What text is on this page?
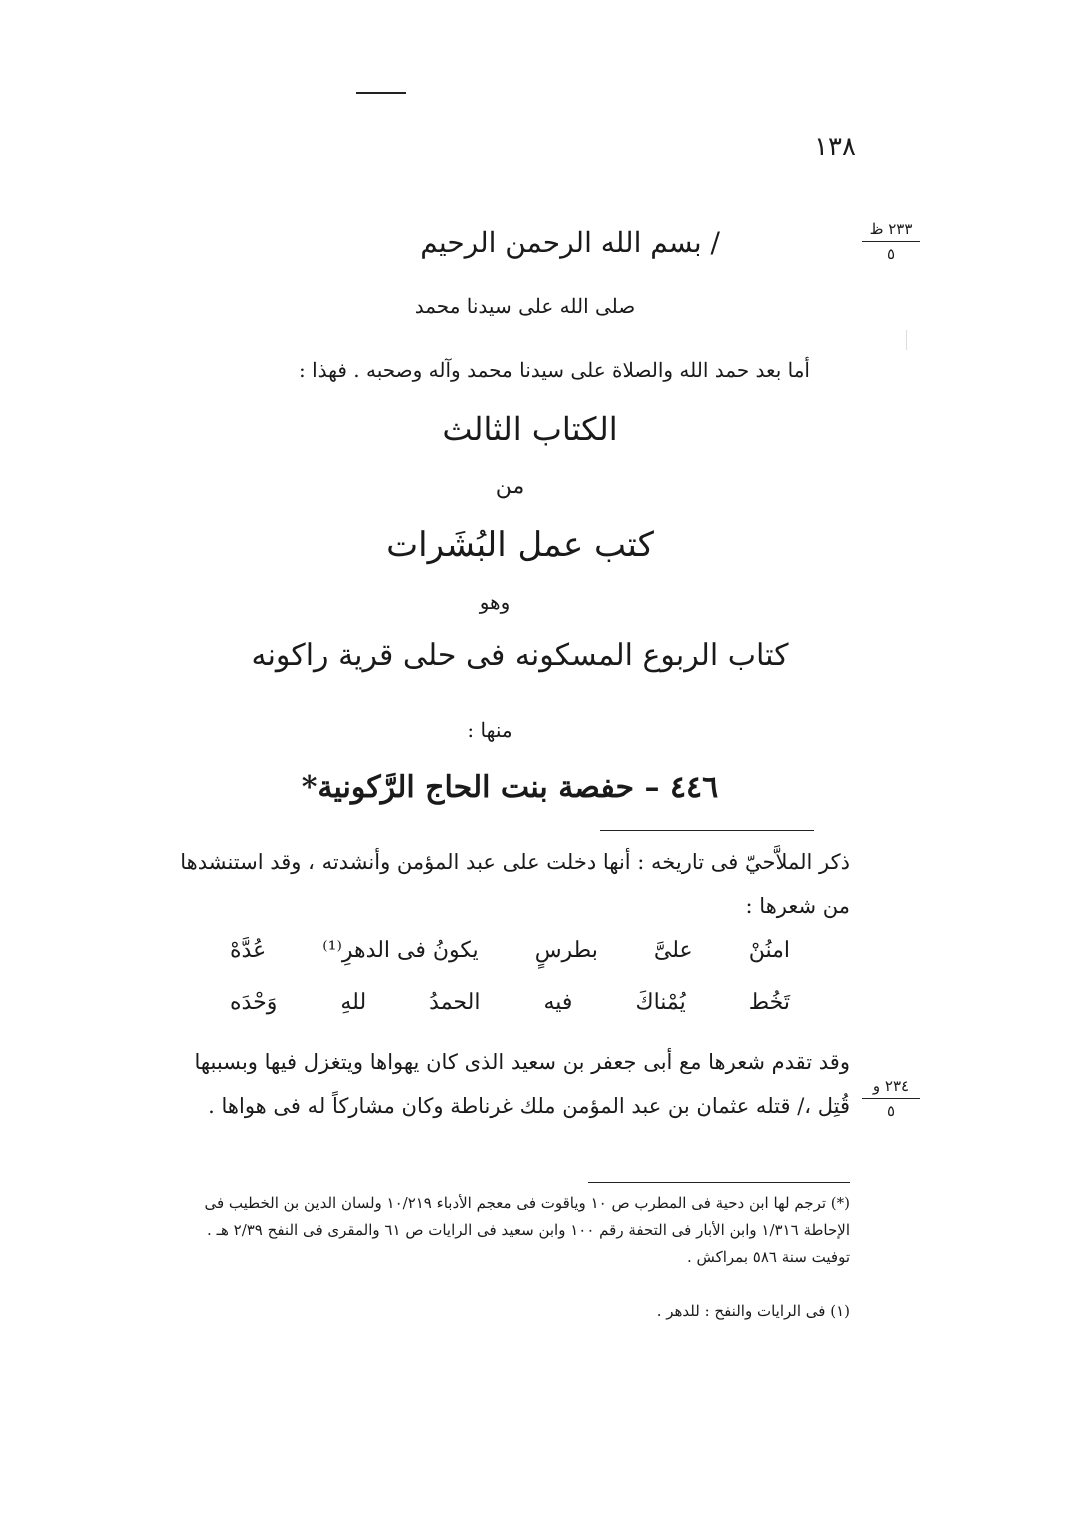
١٣٨
٢٣٣ ظ
٥
٢٣٤ و
٥
/ بسم الله الرحمن الرحيم
صلى الله على سيدنا محمد
أما بعد حمد الله والصلاة على سيدنا محمد وآله وصحبه . فهذا :
الكتاب الثالث
من
كتب عمل البُشَرات
وهو
كتاب الربوع المسكونه فى حلى قرية راكونه
منها :
٤٤٦ – حفصة بنت الحاج الرَّكونية*
ذكر الملاَّحيّ فى تاريخه : أنها دخلت على عبد المؤمن وأنشدته ، وقد استنشدها من شعرها :
امنُنْ
علىَّ
بطرسٍ
يكونُ فى الدهرِ⁽¹⁾
عُدَّهْ
تَخُط
يُمْناكَ
فيه
الحمدُ
للهِ
وَحْدَه
وقد تقدم شعرها مع أبى جعفر بن سعيد الذى كان يهواها ويتغزل فيها وبسببها قُتِل ،/ قتله عثمان بن عبد المؤمن ملك غرناطة وكان مشاركاً له فى هواها .
(*) ترجم لها ابن دحية فى المطرب ص ١٠ وياقوت فى معجم الأدباء ١٠/٢١٩ ولسان الدين بن الخطيب فى الإحاطة ١/٣١٦ وابن الأبار فى التحفة رقم ١٠٠ وابن سعيد فى الرايات ص ٦١ والمقرى فى النفح ٢/٣٩ هـ . توفيت سنة ٥٨٦ بمراكش .
(١) فى الرايات والنفح : للدهر .
